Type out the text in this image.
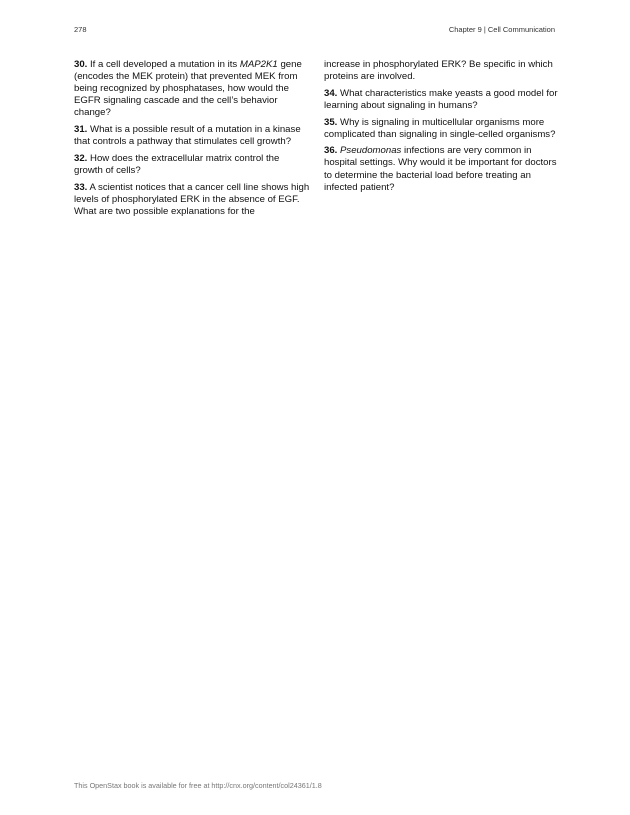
278	Chapter 9 | Cell Communication

30. If a cell developed a mutation in its MAP2K1 gene (encodes the MEK protein) that prevented MEK from being recognized by phosphatases, how would the EGFR signaling cascade and the cell’s behavior change?

31. What is a possible result of a mutation in a kinase that controls a pathway that stimulates cell growth?

32. How does the extracellular matrix control the growth of cells?

33. A scientist notices that a cancer cell line shows high levels of phosphorylated ERK in the absence of EGF. What are two possible explanations for the

increase in phosphorylated ERK? Be specific in which proteins are involved.

34. What characteristics make yeasts a good model for learning about signaling in humans?

35. Why is signaling in multicellular organisms more complicated than signaling in single-celled organisms?

36. Pseudomonas infections are very common in hospital settings. Why would it be important for doctors to determine the bacterial load before treating an infected patient?

This OpenStax book is available for free at http://cnx.org/content/col24361/1.8
